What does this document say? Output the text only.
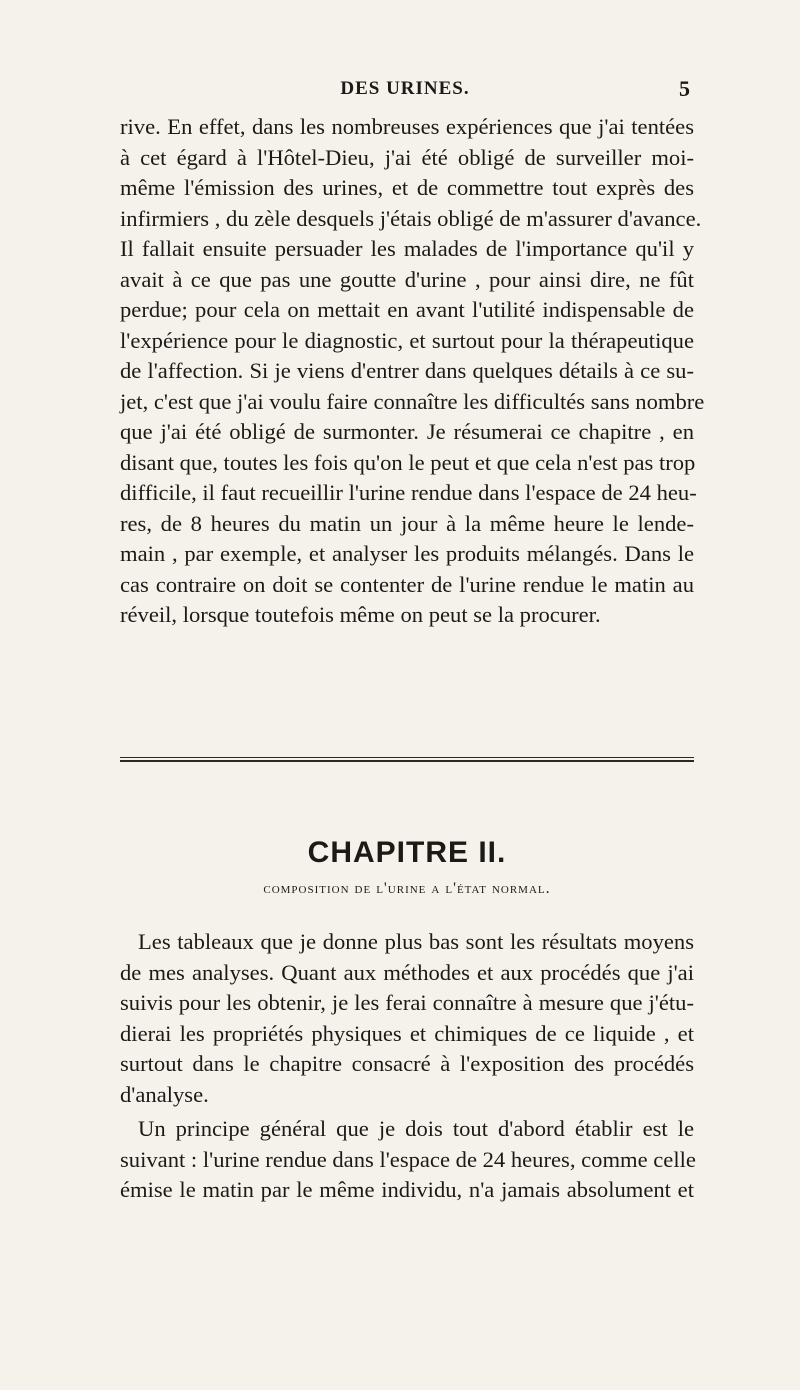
DES URINES.	5
rive. En effet, dans les nombreuses expériences que j'ai tentées
à cet égard à l'Hôtel-Dieu, j'ai été obligé de surveiller moi-
même l'émission des urines, et de commettre tout exprès des
infirmiers , du zèle desquels j'étais obligé de m'assurer d'avance.
Il fallait ensuite persuader les malades de l'importance qu'il y
avait à ce que pas une goutte d'urine , pour ainsi dire, ne fût
perdue; pour cela on mettait en avant l'utilité indispensable de
l'expérience pour le diagnostic, et surtout pour la thérapeutique
de l'affection. Si je viens d'entrer dans quelques détails à ce su-
jet, c'est que j'ai voulu faire connaître les difficultés sans nombre
que j'ai été obligé de surmonter. Je résumerai ce chapitre , en
disant que, toutes les fois qu'on le peut et que cela n'est pas trop
difficile, il faut recueillir l'urine rendue dans l'espace de 24 heu-
res, de 8 heures du matin un jour à la même heure le lende-
main , par exemple, et analyser les produits mélangés. Dans le
cas contraire on doit se contenter de l'urine rendue le matin au
réveil, lorsque toutefois même on peut se la procurer.
CHAPITRE II.
composition de l'urine a l'état normal.
Les tableaux que je donne plus bas sont les résultats moyens
de mes analyses. Quant aux méthodes et aux procédés que j'ai
suivis pour les obtenir, je les ferai connaître à mesure que j'étu-
dierai les propriétés physiques et chimiques de ce liquide , et
surtout dans le chapitre consacré à l'exposition des procédés
d'analyse.
Un principe général que je dois tout d'abord établir est le
suivant : l'urine rendue dans l'espace de 24 heures, comme celle
émise le matin par le même individu, n'a jamais absolument et
